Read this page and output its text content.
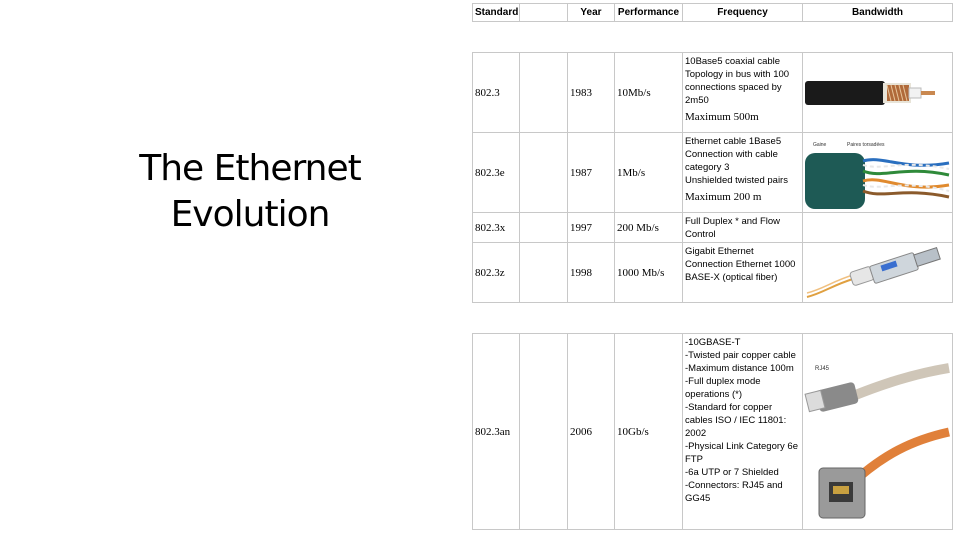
The Ethernet
Evolution
Standard		Year	Performance	Frequency	Bandwidth
802.3		1983	10Mb/s	10Base5 coaxial cable
Topology in bus with 100
connections spaced by
2m50
Maximum 500m

802.3e		1987	1Mb/s	Ethernet cable 1Base5
Connection with cable
category 3
Unshielded twisted pairs
Maximum 200 m	Gaine Paires torsadées

802.3x		1997	200 Mb/s	Full Duplex * and Flow
Control	

802.3z		1998	1000 Mb/s	Gigabit Ethernet
Connection Ethernet 1000
BASE-X (optical fiber)

802.3an		2006	10Gb/s	
-10GBASE-T
-Twisted pair copper cable
-Maximum distance 100m
-Full duplex mode
operations (*)
-Standard for copper
cables ISO / IEC 11801:
2002
-Physical Link Category 6e
FTP
-6a UTP or 7 Shielded
-Connectors: RJ45 and
GG45

RJ45
